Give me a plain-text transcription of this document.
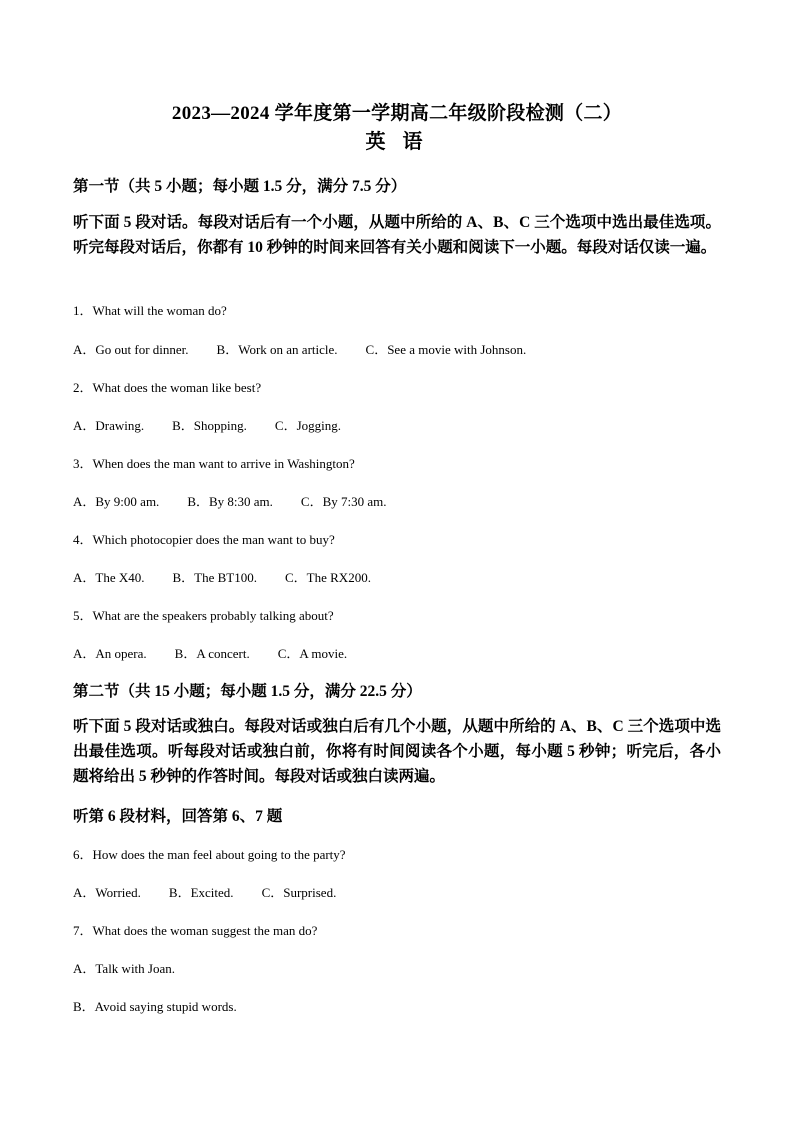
2023—2024 学年度第一学期高二年级阶段检测（二）
英 语
第一节（共 5 小题；每小题 1.5 分，满分 7.5 分）
听下面 5 段对话。每段对话后有一个小题，从题中所给的 A、B、C 三个选项中选出最佳选项。听完每段对话后，你都有 10 秒钟的时间来回答有关小题和阅读下一小题。每段对话仅读一遍。
1．What will the woman do?
A．Go out for dinner. B．Work on an article. C．See a movie with Johnson.
2．What does the woman like best?
A．Drawing. B．Shopping. C．Jogging.
3．When does the man want to arrive in Washington?
A．By 9:00 am. B．By 8:30 am. C．By 7:30 am.
4．Which photocopier does the man want to buy?
A．The X40. B．The BT100. C．The RX200.
5．What are the speakers probably talking about?
A．An opera. B．A concert. C．A movie.
第二节（共 15 小题；每小题 1.5 分，满分 22.5 分）
听下面 5 段对话或独白。每段对话或独白后有几个小题，从题中所给的 A、B、C 三个选项中选出最佳选项。听每段对话或独白前，你将有时间阅读各个小题，每小题 5 秒钟；听完后，各小题将给出 5 秒钟的作答时间。每段对话或独白读两遍。
听第 6 段材料，回答第 6、7 题
6．How does the man feel about going to the party?
A．Worried. B．Excited. C．Surprised.
7．What does the woman suggest the man do?
A．Talk with Joan.
B．Avoid saying stupid words.
